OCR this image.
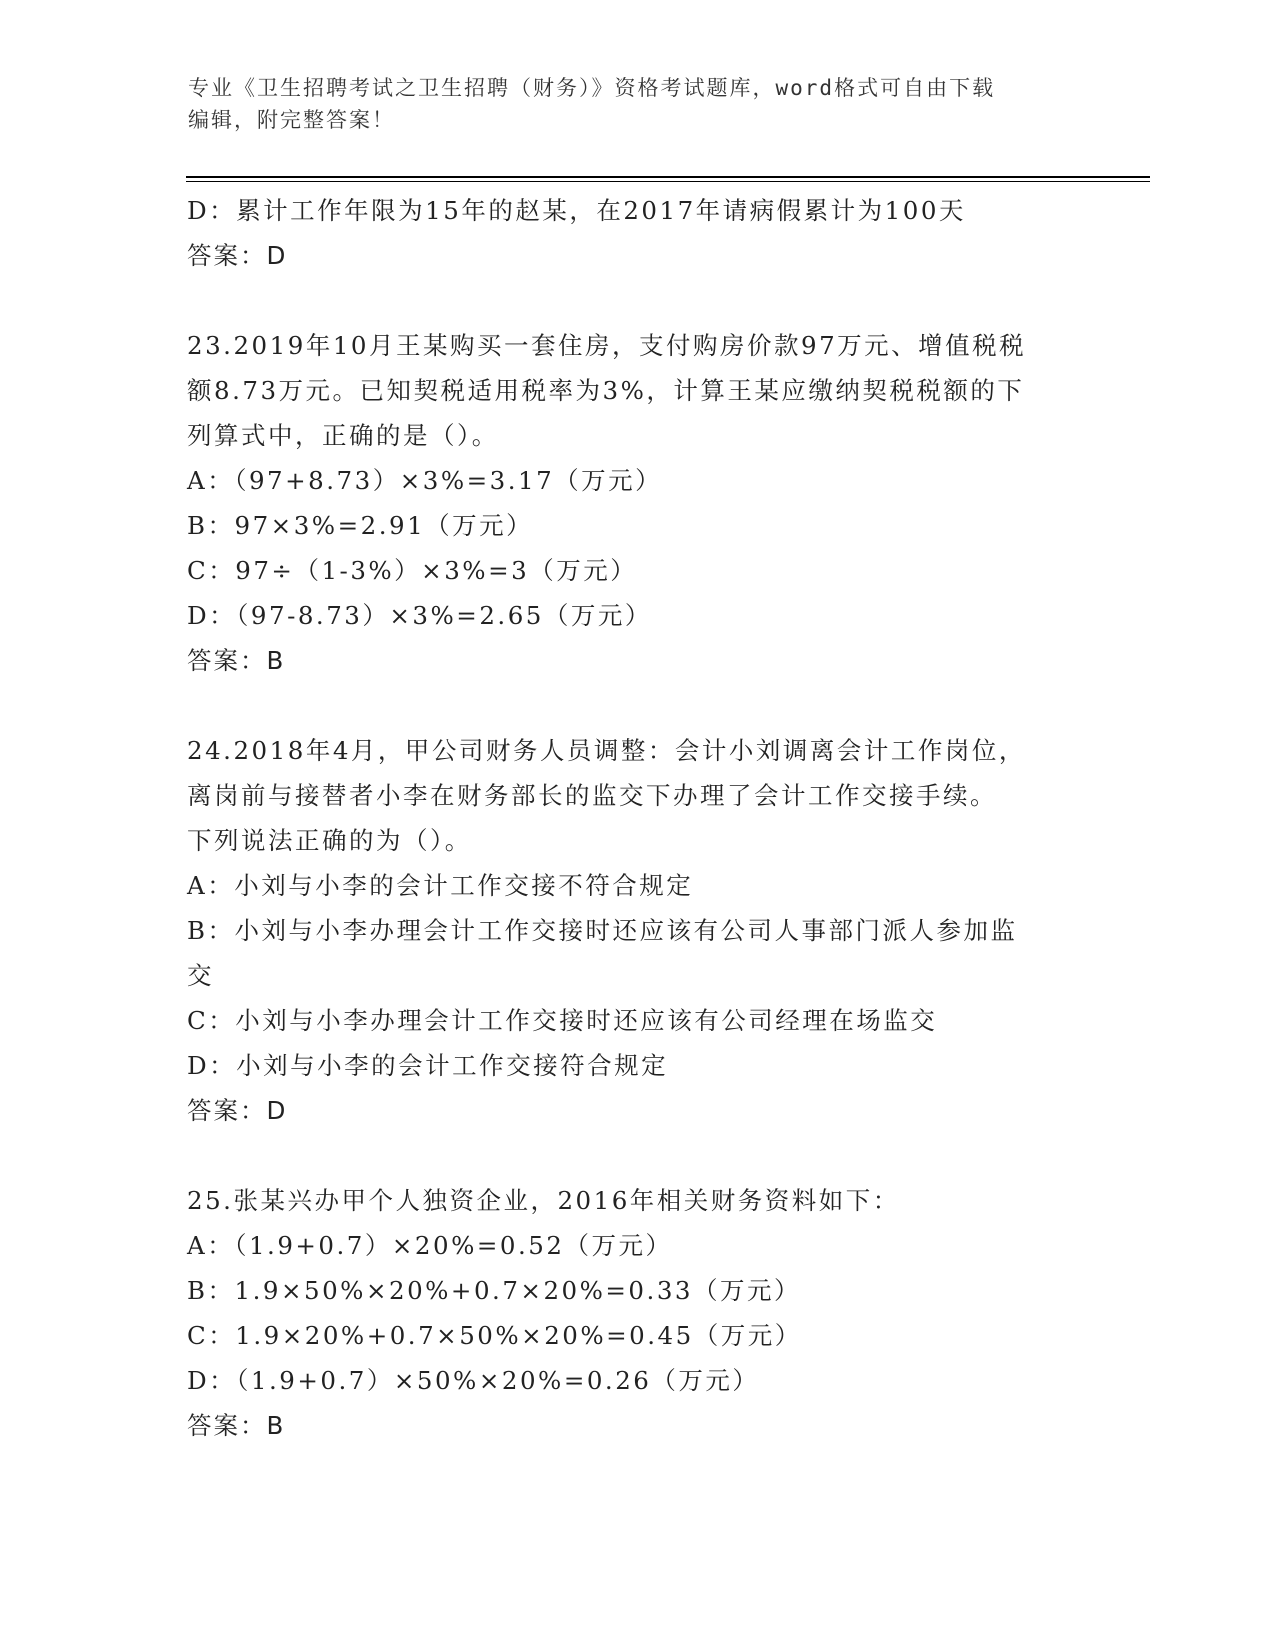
专业《卫生招聘考试之卫生招聘（财务）》资格考试题库，word格式可自由下载
编辑，附完整答案！

D：累计工作年限为15年的赵某，在2017年请病假累计为100天

答案：D

23.2019年10月王某购买一套住房，支付购房价款97万元、增值税税

额8.73万元。已知契税适用税率为3%，计算王某应缴纳契税税额的下

列算式中，正确的是（）。

A：（97+8.73）×3%=3.17（万元）

B：97×3%=2.91（万元）

C：97÷（1-3%）×3%=3（万元）

D：（97-8.73）×3%=2.65（万元）

答案：B

24.2018年4月，甲公司财务人员调整：会计小刘调离会计工作岗位，

离岗前与接替者小李在财务部长的监交下办理了会计工作交接手续。

下列说法正确的为（）。

A：小刘与小李的会计工作交接不符合规定

B：小刘与小李办理会计工作交接时还应该有公司人事部门派人参加监

交

C：小刘与小李办理会计工作交接时还应该有公司经理在场监交

D：小刘与小李的会计工作交接符合规定

答案：D

25.张某兴办甲个人独资企业，2016年相关财务资料如下：

A：（1.9+0.7）×20%=0.52（万元）

B：1.9×50%×20%+0.7×20%=0.33（万元）

C：1.9×20%+0.7×50%×20%=0.45（万元）

D：（1.9+0.7）×50%×20%=0.26（万元）

答案：B
